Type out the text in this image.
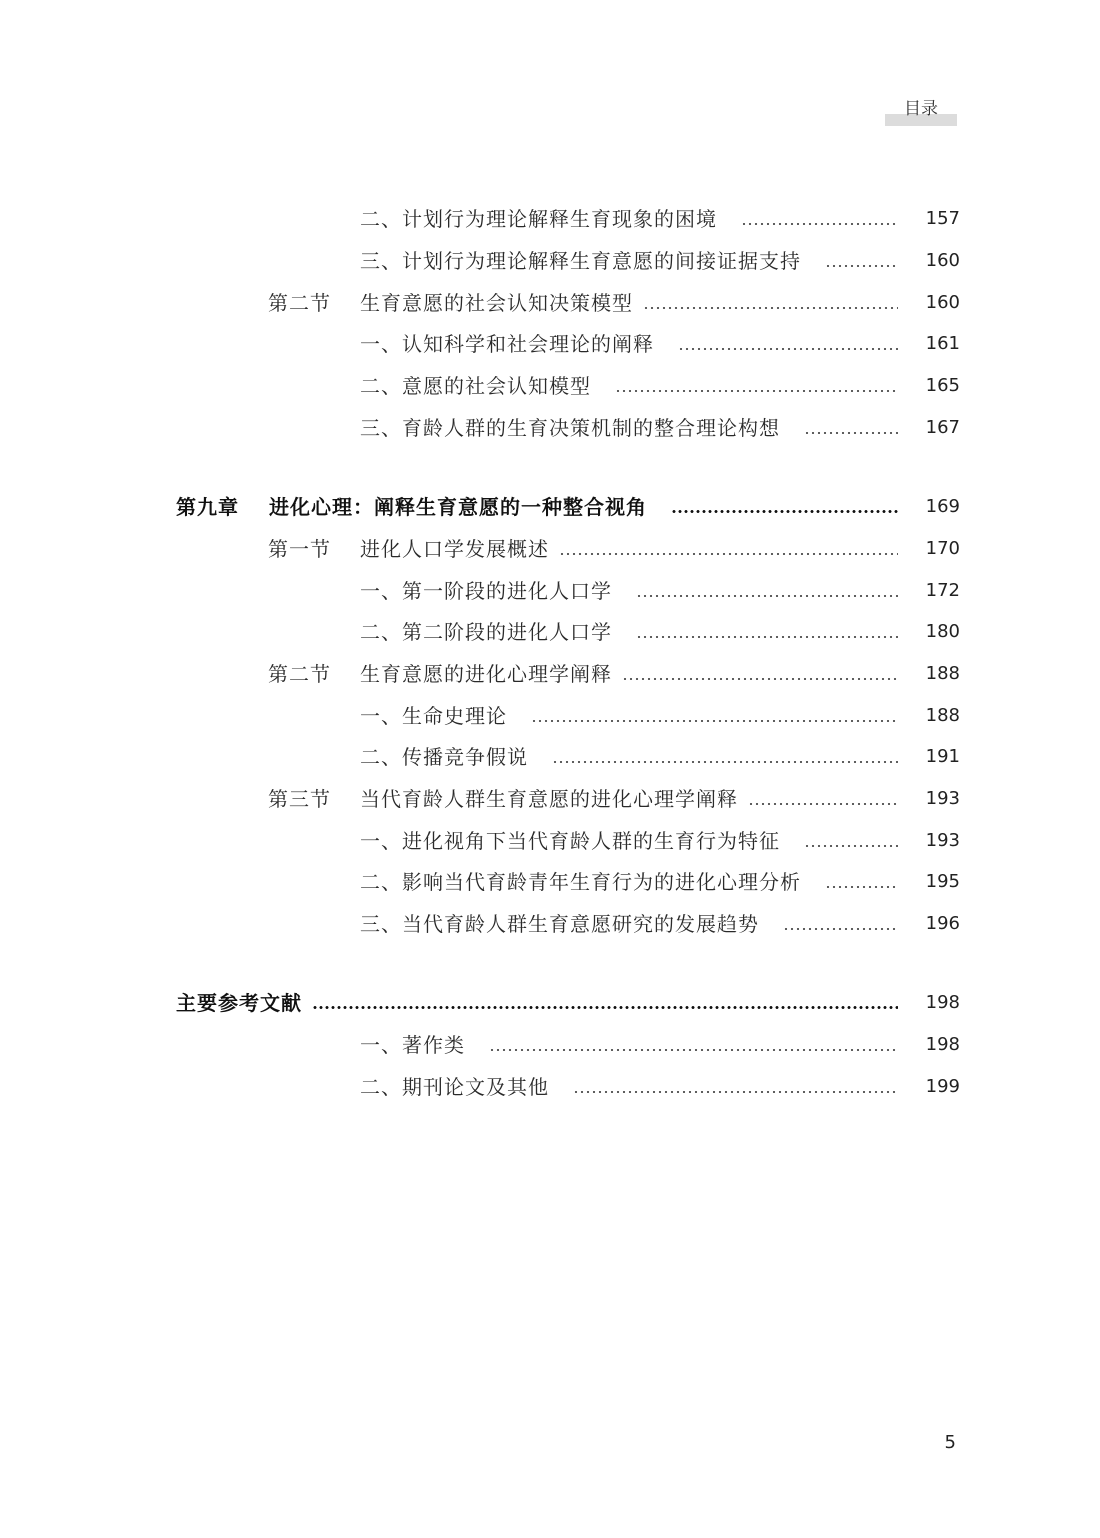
目录
二、计划行为理论解释生育现象的困境	157
三、计划行为理论解释生育意愿的间接证据支持	160
第二节	生育意愿的社会认知决策模型	160
一、认知科学和社会理论的阐释	161
二、意愿的社会认知模型	165
三、育龄人群的生育决策机制的整合理论构想	167
第九章	进化心理：阐释生育意愿的一种整合视角	169
第一节	进化人口学发展概述	170
一、第一阶段的进化人口学	172
二、第二阶段的进化人口学	180
第二节	生育意愿的进化心理学阐释	188
一、生命史理论	188
二、传播竞争假说	191
第三节	当代育龄人群生育意愿的进化心理学阐释	193
一、进化视角下当代育龄人群的生育行为特征	193
二、影响当代育龄青年生育行为的进化心理分析	195
三、当代育龄人群生育意愿研究的发展趋势	196
主要参考文献	198
一、著作类	198
二、期刊论文及其他	199
5
